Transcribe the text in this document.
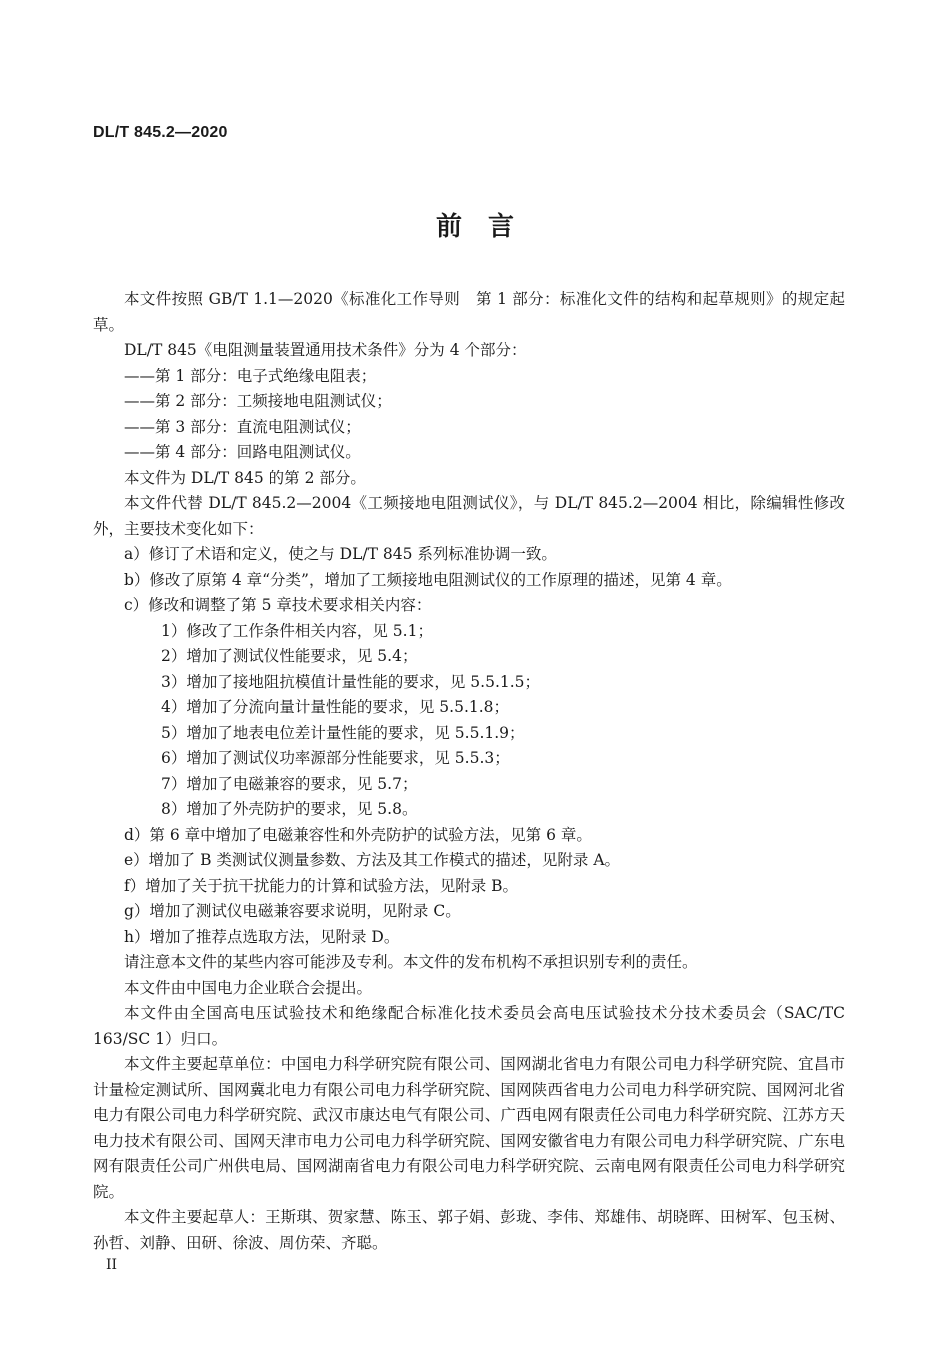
DL/T 845.2—2020
前　言

本文件按照 GB/T 1.1—2020《标准化工作导则　第 1 部分：标准化文件的结构和起草规则》的规定起草。

DL/T 845《电阻测量装置通用技术条件》分为 4 个部分：

——第 1 部分：电子式绝缘电阻表；

——第 2 部分：工频接地电阻测试仪；

——第 3 部分：直流电阻测试仪；

——第 4 部分：回路电阻测试仪。

本文件为 DL/T 845 的第 2 部分。

本文件代替 DL/T 845.2—2004《工频接地电阻测试仪》，与 DL/T 845.2—2004 相比，除编辑性修改外，主要技术变化如下：

a）修订了术语和定义，使之与 DL/T 845 系列标准协调一致。

b）修改了原第 4 章“分类”，增加了工频接地电阻测试仪的工作原理的描述，见第 4 章。

c）修改和调整了第 5 章技术要求相关内容：

1）修改了工作条件相关内容，见 5.1；

2）增加了测试仪性能要求，见 5.4；

3）增加了接地阻抗模值计量性能的要求，见 5.5.1.5；

4）增加了分流向量计量性能的要求，见 5.5.1.8；

5）增加了地表电位差计量性能的要求，见 5.5.1.9；

6）增加了测试仪功率源部分性能要求，见 5.5.3；

7）增加了电磁兼容的要求，见 5.7；

8）增加了外壳防护的要求，见 5.8。

d）第 6 章中增加了电磁兼容性和外壳防护的试验方法，见第 6 章。

e）增加了 B 类测试仪测量参数、方法及其工作模式的描述，见附录 A。

f）增加了关于抗干扰能力的计算和试验方法，见附录 B。

g）增加了测试仪电磁兼容要求说明，见附录 C。

h）增加了推荐点选取方法，见附录 D。

请注意本文件的某些内容可能涉及专利。本文件的发布机构不承担识别专利的责任。

本文件由中国电力企业联合会提出。

本文件由全国高电压试验技术和绝缘配合标准化技术委员会高电压试验技术分技术委员会（SAC/TC 163/SC 1）归口。

本文件主要起草单位：中国电力科学研究院有限公司、国网湖北省电力有限公司电力科学研究院、宜昌市计量检定测试所、国网冀北电力有限公司电力科学研究院、国网陕西省电力公司电力科学研究院、国网河北省电力有限公司电力科学研究院、武汉市康达电气有限公司、广西电网有限责任公司电力科学研究院、江苏方天电力技术有限公司、国网天津市电力公司电力科学研究院、国网安徽省电力有限公司电力科学研究院、广东电网有限责任公司广州供电局、国网湖南省电力有限公司电力科学研究院、云南电网有限责任公司电力科学研究院。

本文件主要起草人：王斯琪、贺家慧、陈玉、郭子娟、彭珑、李伟、郑雄伟、胡晓晖、田树军、包玉树、孙哲、刘静、田研、徐波、周仿荣、齐聪。

II
